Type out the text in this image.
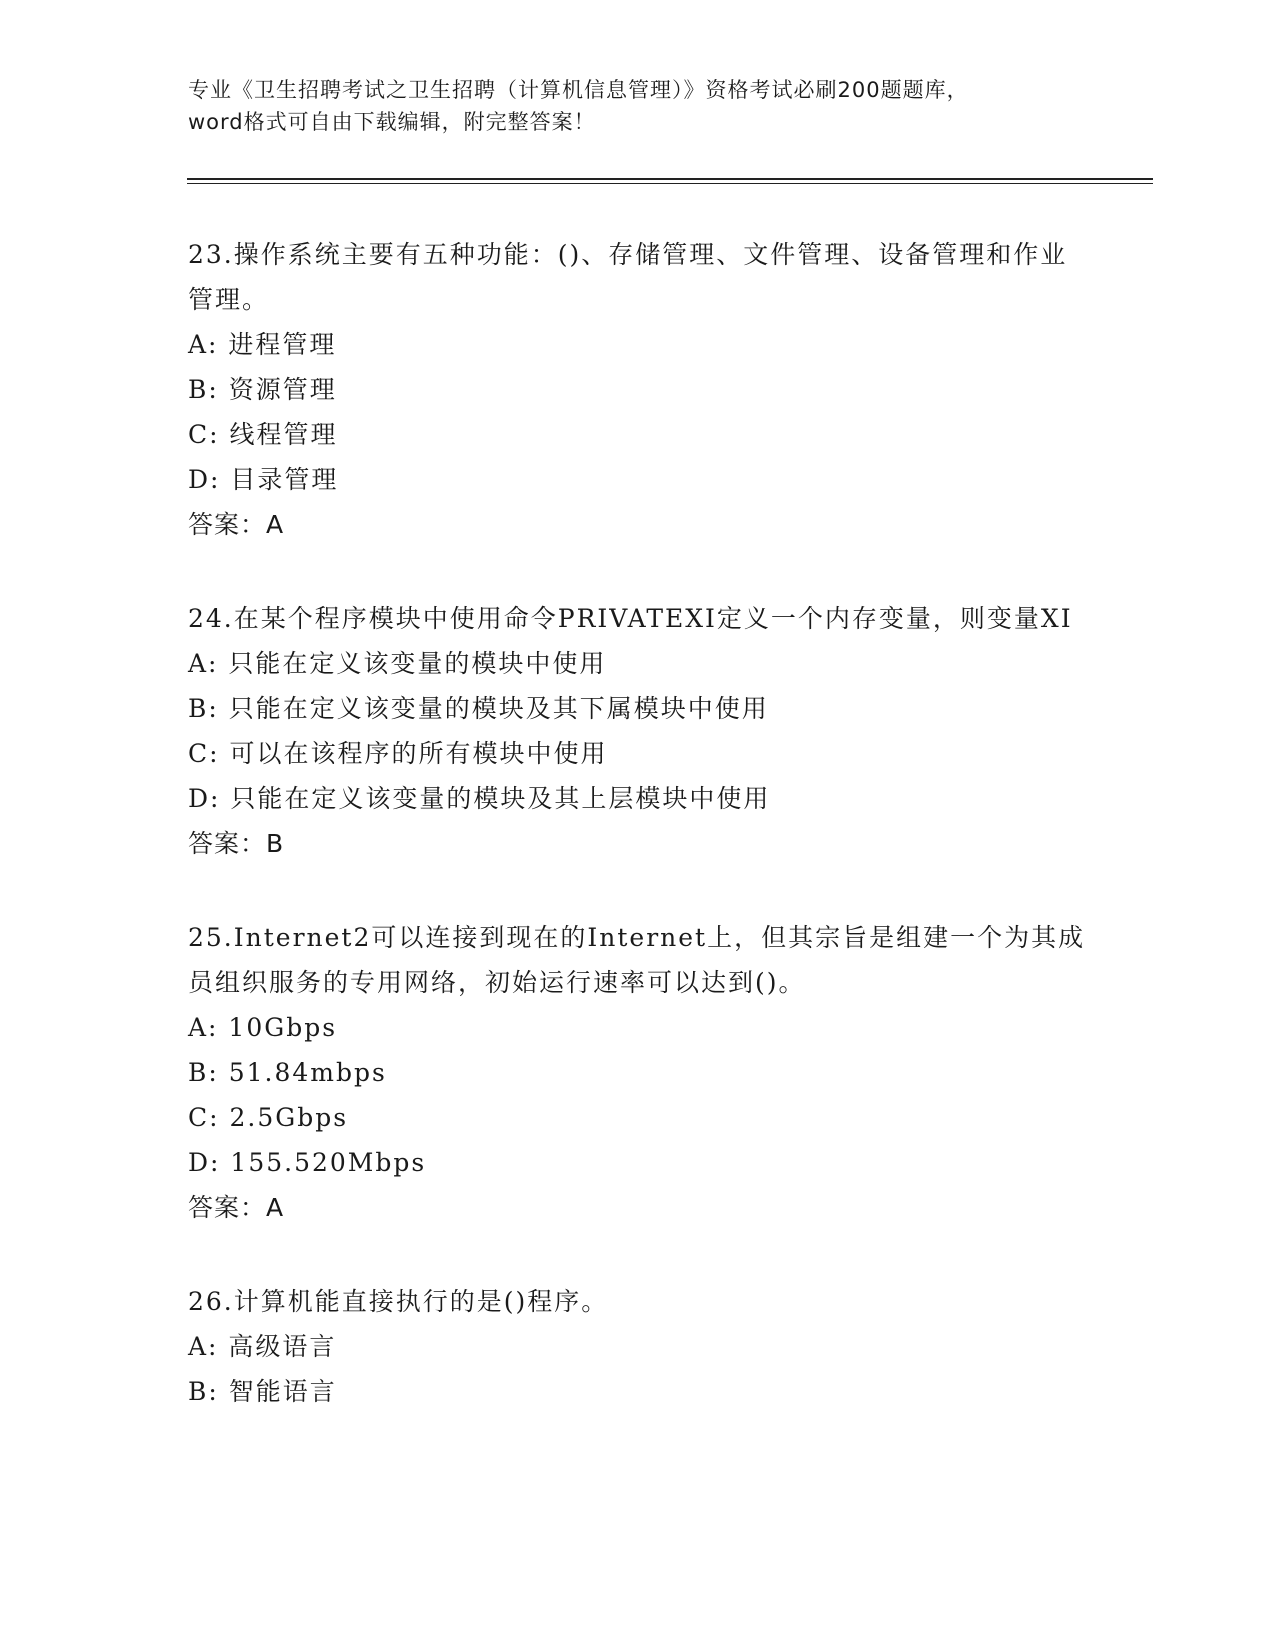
专业《卫生招聘考试之卫生招聘（计算机信息管理）》资格考试必刷200题题库，
word格式可自由下载编辑，附完整答案！
23.操作系统主要有五种功能：()、存储管理、文件管理、设备管理和作业管理。
A: 进程管理
B: 资源管理
C: 线程管理
D: 目录管理
答案：A
24.在某个程序模块中使用命令PRIVATEXI定义一个内存变量，则变量XI
A: 只能在定义该变量的模块中使用
B: 只能在定义该变量的模块及其下属模块中使用
C: 可以在该程序的所有模块中使用
D: 只能在定义该变量的模块及其上层模块中使用
答案：B
25.Internet2可以连接到现在的Internet上，但其宗旨是组建一个为其成员组织服务的专用网络，初始运行速率可以达到()。
A: 10Gbps
B: 51.84mbps
C: 2.5Gbps
D: 155.520Mbps
答案：A
26.计算机能直接执行的是()程序。
A: 高级语言
B: 智能语言
